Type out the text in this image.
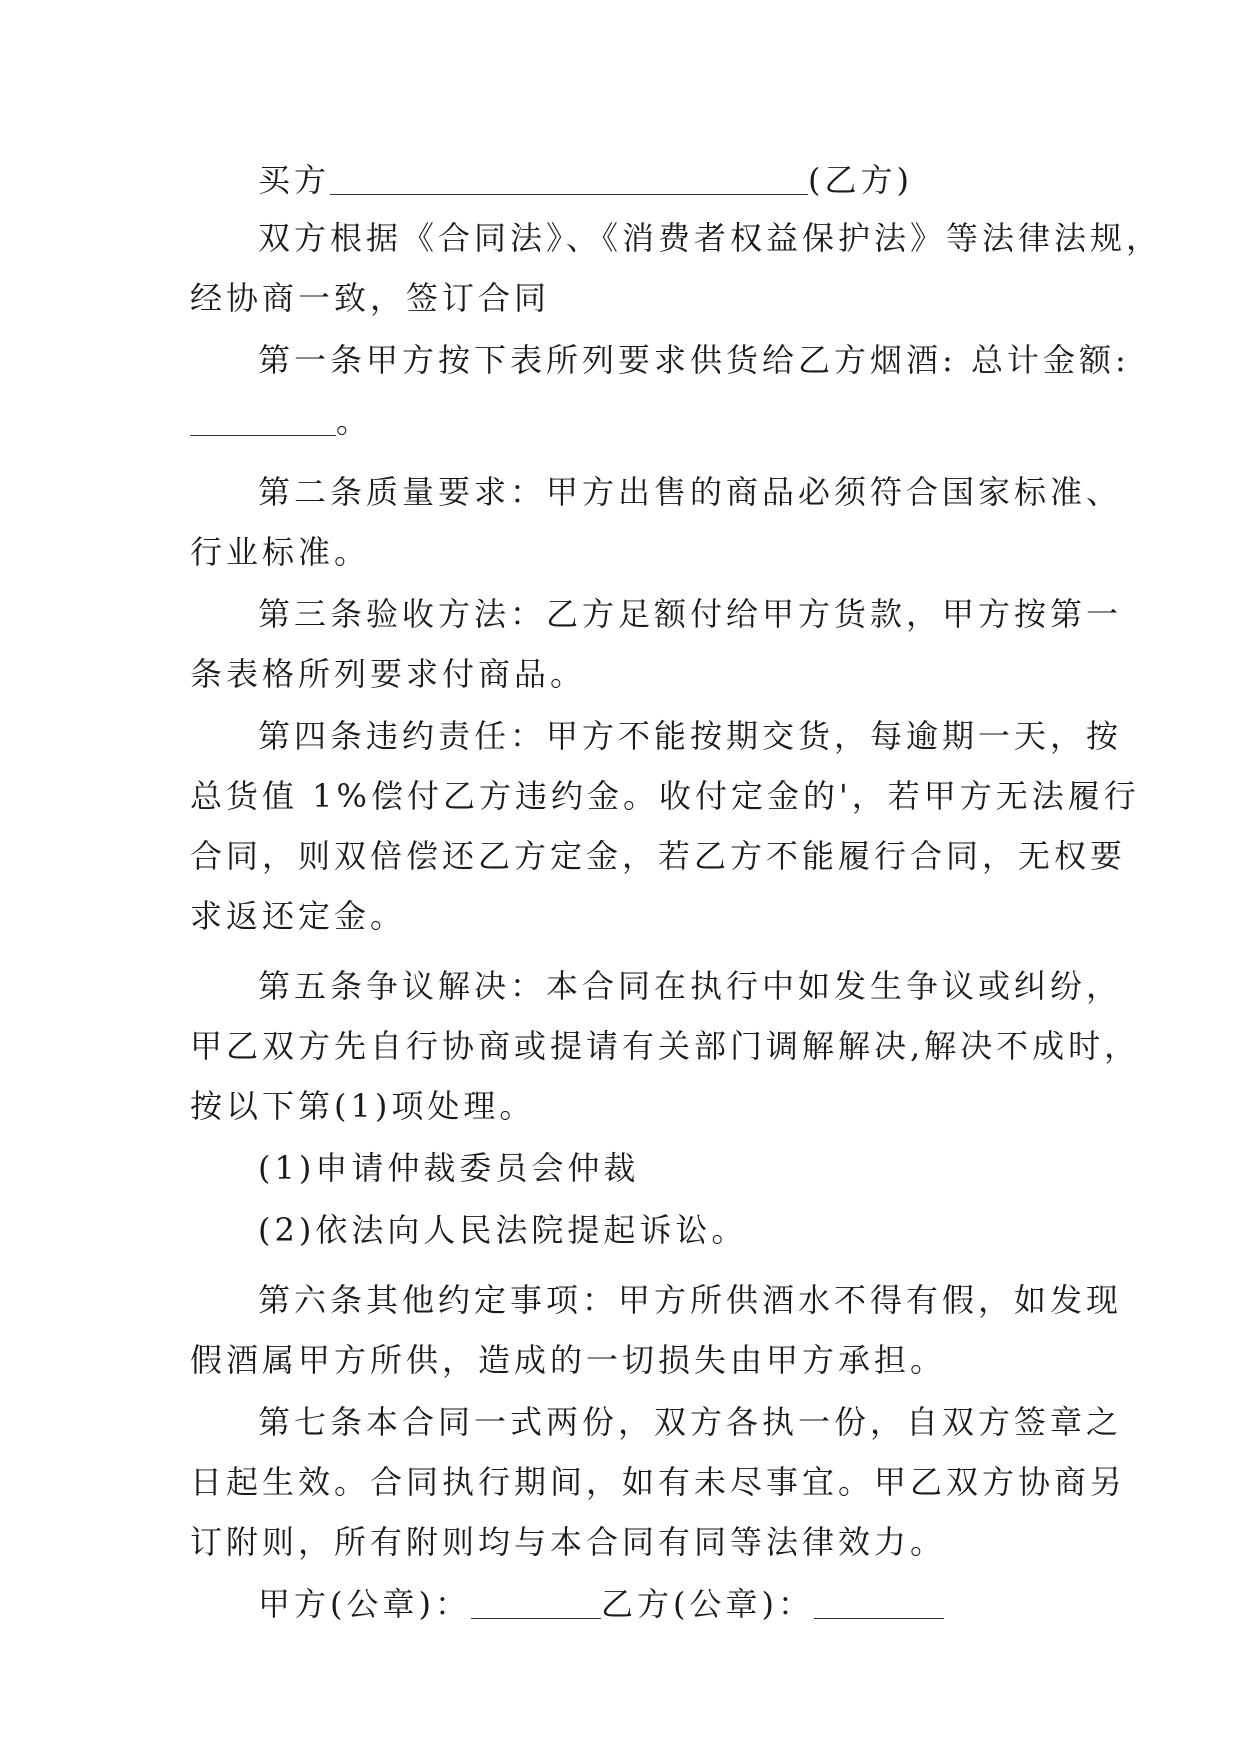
买方	(乙方)
双方根据《合同法》、《消费者权益保护法》等法律法规，
经协商一致，签订合同
第一条甲方按下表所列要求供货给乙方烟酒: 总计金额:
。
第二条质量要求：甲方出售的商品必须符合国家标准、
行业标准。
第三条验收方法：乙方足额付给甲方货款，甲方按第一
条表格所列要求付商品。
第四条违约责任：甲方不能按期交货，每逾期一天，按
总货值 1%偿付乙方违约金。收付定金的'，若甲方无法履行
合同，则双倍偿还乙方定金，若乙方不能履行合同，无权要
求返还定金。
第五条争议解决：本合同在执行中如发生争议或纠纷，
甲乙双方先自行协商或提请有关部门调解解决,解决不成时，
按以下第(1)项处理。
(1)申请仲裁委员会仲裁
(2)依法向人民法院提起诉讼。
第六条其他约定事项：甲方所供酒水不得有假，如发现
假酒属甲方所供，造成的一切损失由甲方承担。
第七条本合同一式两份，双方各执一份，自双方签章之
日起生效。合同执行期间，如有未尽事宜。甲乙双方协商另
订附则，所有附则均与本合同有同等法律效力。
甲方(公章)：	乙方(公章)：
